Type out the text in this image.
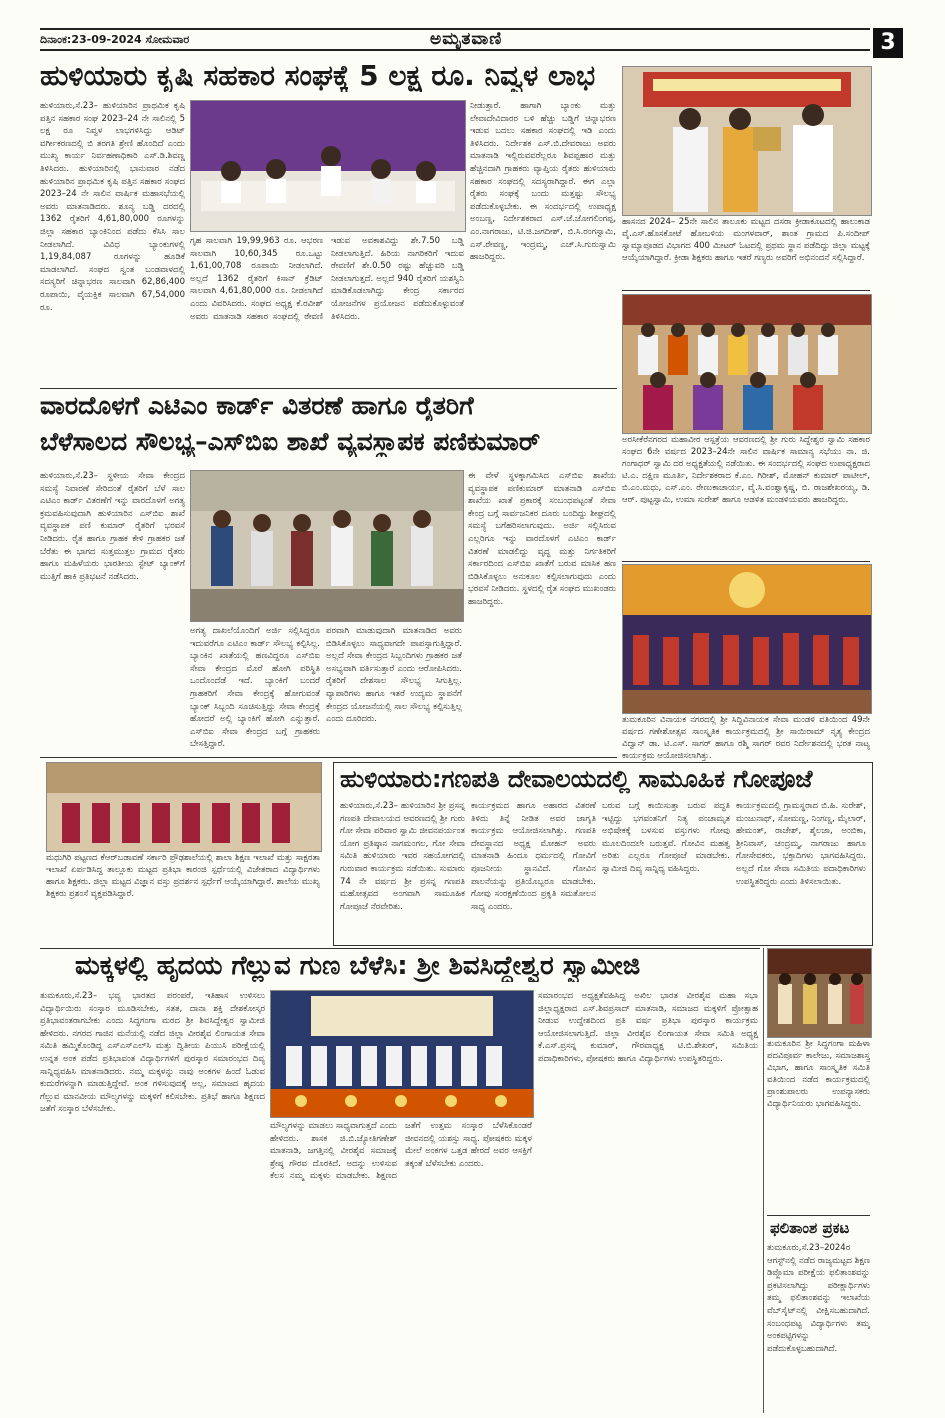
ದಿನಾಂಕ:23-09-2024 ಸೋಮವಾರ	ಅಮೃತವಾಣಿ	3
ಹುಳಿಯಾರು ಕೃಷಿ ಸಹಕಾರ ಸಂಘಕ್ಕೆ 5 ಲಕ್ಷ ರೂ. ನಿವ್ವಳ ಲಾಭ
ಹುಳಿಯಾರು,ಸೆ.23– ಹುಳಿಯಾರಿನ ಪ್ರಾಥಮಿಕ ಕೃಷಿ ಪತ್ತಿನ ಸಹಕಾರ ಸಂಘ 2023–24 ನೇ ಸಾಲಿನಲ್ಲಿ 5 ಲಕ್ಷ ರೂ ನಿವ್ವಳ ಲಾಭಗಳಿಸಿದ್ದು ಆಡಿಟ್ ವರ್ಗೀಕರಣದಲ್ಲಿ ಬಿ ತರಗತಿ ಶ್ರೇಣಿ ಹೊಂದಿದೆ ಎಂದು ಮುಖ್ಯ ಕಾರ್ಯ ನಿರ್ವಹಣಾಧಿಕಾರಿ ಎಸ್.ಡಿ.ಶಿವಣ್ಣ ತಿಳಿಸಿದರು. ಹುಳಿಯಾರಿನಲ್ಲಿ ಭಾನುವಾರ ನಡೆದ ಹುಳಿಯಾರಿನ ಪ್ರಾಥಮಿಕ ಕೃಷಿ ಪತ್ತಿನ ಸಹಕಾರ ಸಂಘದ 2023–24 ನೇ ಸಾಲಿನ ವಾರ್ಷಿಕ ಮಹಾಸಭೆಯಲ್ಲಿ ಅವರು ಮಾತನಾಡಿದರು. ಶೂನ್ಯ ಬಡ್ಡಿ ದರದಲ್ಲಿ 1362 ರೈತರಿಗೆ 4,61,80,000 ರೂಗಳನ್ನು ಜಿಲ್ಲಾ ಸಹಕಾರ ಬ್ಯಾಂಕಿನಿಂದ ಪಡೆದು ಕೆಸಿಸಿ ಸಾಲ ನೀಡಲಾಗಿದೆ. ವಿವಿಧ ಬ್ಯಾಂಕುಗಳಲ್ಲಿ 1,19,84,087 ರೂಗಳನ್ನು ಹೂಡಿಕೆ ಮಾಡಲಾಗಿದೆ. ಸಂಘದ ಸ್ವಂತ ಬಂಡವಾಳದಲ್ಲಿ ಸದಸ್ಯರಿಗೆ ಚಿನ್ನಾಭರಣ ಸಾಲವಾಗಿ 62,86,400 ರೂಪಾಯಿ, ವೈಯಕ್ತಿಕ ಸಾಲವಾಗಿ 67,54,000 ರೂ.
ಗೃಹ ಸಾಲವಾಗಿ 19,99,963 ರೂ. ಆಭರಣ ಸಾಲವಾಗಿ 10,60,345 ರೂ.ಒಟ್ಟು 1,61,00,708 ರೂಪಾಯಿ ನೀಡಲಾಗಿದೆ. ಅಲ್ಲದೆ 1362 ರೈತರಿಗೆ ಕಿಸಾನ್ ಕ್ರೆಡಿಟ್ ಸಾಲವಾಗಿ 4,61,80,000 ರೂ. ನೀಡಲಾಗಿದೆ ಎಂದು ವಿವರಿಸಿದರು. ಸಂಘದ ಅಧ್ಯಕ್ಷ ಕೆ.ರವೀಶ್ ಅವರು ಮಾತನಾಡಿ ಸಹಕಾರ ಸಂಘದಲ್ಲಿ ಠೇವಣಿ ಇಡುವ ಅವಕಾಶವಿದ್ದು ಶೇ.7.50 ಬಡ್ಡಿ ನೀಡಲಾಗುತ್ತಿದೆ. ಹಿರಿಯ ನಾಗರಿಕರಿಗೆ ಇದುವ ಠೇವಣಿಗೆ ಶೇ.0.50 ರಷ್ಟು ಹೆಚ್ಚುವರಿ ಬಡ್ಡಿ ನೀಡಲಾಗುತ್ತದೆ. ಅಲ್ಲದೆ 940 ರೈತರಿಗೆ ಯಶಸ್ವಿನಿ ಮಾಡಿಕೊಡಲಾಗಿದ್ದು ಕೇಂದ್ರ ಸರ್ಕಾರದ ಯೋಜನೆಗಳ ಪ್ರಯೋಜನ ಪಡೆದುಕೊಳ್ಳುವಂತೆ ತಿಳಿಸಿದರು.
ನೀಡುತ್ತಾರೆ. ಹಾಗಾಗಿ ಬ್ಯಾಂಕು ಮತ್ತು ಲೇವಾದೇವಿದಾರರ ಬಳಿ ಹೆಚ್ಚು ಬಡ್ಡಿಗೆ ಚಿನ್ನಾಭರಣ ಇಡುವ ಬದಲು ಸಹಕಾರ ಸಂಘದಲ್ಲಿ ಇಡಿ ಎಂದು ತಿಳಿಸಿದರು. ನಿರ್ದೇಶಕ ಎಸ್.ಬಿ.ದೇವರಾಜು ಅವರು ಮಾತನಾಡಿ ಇಲ್ಲಿರುವವರೆಲ್ಲರೂ ಶಿವಪ್ಪಹಾರ ಮತ್ತು ಹೆಚ್ಚಿನದಾಗಿ ಗ್ರಾಹಕರು ವ್ಯಾಪ್ತಿಯ ರೈತರು ಹುಳಿಯಾರು ಸಹಕಾರ ಸಂಘದಲ್ಲಿ ಸದಸ್ಯರಾಗಿದ್ದಾರೆ. ಈಗ ಎಲ್ಲಾ ರೈತರು ಸಂಘಕ್ಕೆ ಬಂದು ಮತ್ತಷ್ಟು ಸೌಲಭ್ಯ ಪಡೆದುಕೊಳ್ಳಬೇಕು. ಈ ಸಂದರ್ಭದಲ್ಲಿ ಉಪಾಧ್ಯಕ್ಷ ಅಂಬಣ್ಣ, ನಿರ್ದೇಶಕರಾದ ಎಸ್.ಜೆ.ಜೋಗಲಿಂಗಪ್ಪ, ಎಂ.ನಾಗರಾಜು, ಟಿ.ಜಿ.ಜಗದೀಶ್, ಬಿ.ಸಿ.ರಂಗಸ್ವಾಮಿ, ಎಸ್.ರೇವಣ್ಣ, ಇಂದ್ರಮ್ಮ, ಎಚ್.ಸಿ.ಗುರುಸ್ವಾಮಿ ಹಾಜರಿದ್ದರು.
ವಾರದೊಳಗೆ ಎಟಿಎಂ ಕಾರ್ಡ್ ವಿತರಣೆ ಹಾಗೂ ರೈತರಿಗೆ
ಬೆಳೆಸಾಲದ ಸೌಲಭ್ಯ–ಎಸ್‌ಬಿಐ ಶಾಖೆ ವ್ಯವಸ್ಥಾಪಕ ಪಣಿಕುಮಾರ್
ಹುಳಿಯಾರು,ಸೆ.23– ಸ್ಥಳೀಯ ಸೇವಾ ಕೇಂದ್ರದ ಸಮಸ್ಯೆ ನಿವಾರಣೆ ಸೇರಿದಂತೆ ರೈತರಿಗೆ ಬೆಳೆ ಸಾಲ ಎಟಿಎಂ ಕಾರ್ಡ್ ವಿತರಣೆಗೆ ಇನ್ನು ವಾರದೊಳಗೆ ಅಗತ್ಯ ಕ್ರಮವಹಿಸುವುದಾಗಿ ಹುಳಿಯಾರಿನ ಎಸ್‌ಬಿಐ ಶಾಖೆ ವ್ಯವಸ್ಥಾಪಕ ಪಣಿ ಕುಮಾರ್ ರೈತರಿಗೆ ಭರವಸೆ ನೀಡಿದರು. ರೈತ ಹಾಗೂ ಗ್ರಾಹಕ ಕೇಳಿ ಗ್ರಾಹಕರ ಜತೆ ಬೆರೆತು ಈ ಭಾಗದ ಸುತ್ತಮುತ್ತಲ ಗ್ರಾಮದ ರೈತರು ಹಾಗೂ ಮಹಿಳೆಯರು ಭಾರತೀಯ ಸ್ಟೇಟ್ ಬ್ಯಾಂಕ್‌ಗೆ ಮುತ್ತಿಗೆ ಹಾಕಿ ಪ್ರತಿಭಟನೆ ನಡೆಸಿದರು.
ಅಗತ್ಯ ದಾಖಲೆಯೊಂದಿಗೆ ಅರ್ಜಿ ಸಲ್ಲಿಸಿದ್ದರೂ ಇದುವರೆಗೂ ಎಟಿಎಂ ಕಾರ್ಡ್ ಸೌಲಭ್ಯ ಕಲ್ಪಿಸಿಲ್ಲ. ಬ್ಯಾಂಕಿನ ಖಾತೆಯಲ್ಲಿ ಹಣವಿದ್ದರೂ ಎಸ್‌ಬಿಐ ಸೇವಾ ಕೇಂದ್ರದ ಮೊರೆ ಹೋಗಿ ಪರಿಸ್ಥಿತಿ ಒಂದೊಂದೆಡೆ ಇದೆ. ಬ್ಯಾಂಕಿಗೆ ಬಂದರೆ ಗ್ರಾಹಕರಿಗೆ ಸೇವಾ ಕೇಂದ್ರಕ್ಕೆ ಹೋಗುವಂತೆ ಬ್ಯಾಂಕ್ ಸಿಬ್ಬಂದಿ ಸೂಚಿಸುತ್ತಿದ್ದು ಸೇವಾ ಕೇಂದ್ರಕ್ಕೆ ಹೋದರೆ ಅಲ್ಲಿ ಬ್ಯಾಂಕಿಗೆ ಹೋಗಿ ಎನ್ನುತ್ತಾರೆ. ಎಸ್‌ಬಿಐ ಸೇವಾ ಕೇಂದ್ರದ ಬಗ್ಗೆ ಗ್ರಾಹಕರು ಬೇಸತ್ತಿದ್ದಾರೆ.
ಪರವಾಗಿ ಮಾಡುವುದಾಗಿ ಮಾತನಾಡಿದ ಅವರು ಬಿಡಿಸಿಕೊಳ್ಳಲು ಸಾಧ್ಯವಾಗದೇ ಪಾಪಸ್ಸಾಗುತ್ತಿದ್ದಾರೆ. ಅಲ್ಲದೆ ಸೇವಾ ಕೇಂದ್ರದ ಸಿಬ್ಬಂದಿಗಳು ಗ್ರಾಹಕರ ಜತೆ ಅಸಭ್ಯವಾಗಿ ವರ್ತಿಸುತ್ತಾರೆ ಎಂದು ಆರೋಪಿಸಿದರು. ರೈತರಿಗೆ ದೇಶಸಾಲ ಸೌಲಭ್ಯ ಸಿಗುತ್ತಿಲ್ಲ. ವ್ಯಾಪಾರಿಗಳು ಹಾಗೂ ಇತರೆ ಉದ್ಯಮ ಸ್ಥಾಪನೆಗೆ ಕೇಂದ್ರದ ಯೋಜನೆಯಲ್ಲಿ ಸಾಲ ಸೌಲಭ್ಯ ಕಲ್ಪಿಸುತ್ತಿಲ್ಲ ಎಂದು ದೂರಿದರು.
ಈ ವೇಳೆ ಸ್ಥಳಕ್ಕಾಗಮಿಸಿದ ಎಸ್‌ಬಿಐ ಶಾಖೆಯ ವ್ಯವಸ್ಥಾಪಕ ಪಣಿಕುಮಾರ್ ಮಾತನಾಡಿ ಎಸ್‌ಬಿಐ ಶಾಖೆಯ ಖಾತೆ ಪ್ರಕಾರಕ್ಕೆ ಸಂಬಂಧಪಟ್ಟಂತೆ ಸೇವಾ ಕೇಂದ್ರ ಬಗ್ಗೆ ಸಾರ್ವಜನಿಕರ ದೂರು ಬಂದಿದ್ದು ಶೀಘ್ರದಲ್ಲಿ ಸಮಸ್ಯೆ ಬಗೆಹರಿಸಲಾಗುವುದು. ಅರ್ಜಿ ಸಲ್ಲಿಸಿರುವ ಎಲ್ಲರಿಗೂ ಇನ್ನು ವಾರದೊಳಗೆ ಎಟಿಎಂ ಕಾರ್ಡ್ ವಿತರಣೆ ಮಾಡಲಿದ್ದು ವೃದ್ಧ ಮತ್ತು ನಿರ್ಗತಿಕರಿಗೆ ಸರ್ಕಾರದಿಂದ ಎಸ್‌ಬಿಐ ಖಾತೆಗೆ ಬರುವ ಮಾಸಿಕ ಹಣ ಬಿಡಿಸಿಕೊಳ್ಳಲು ಅನುಕೂಲ ಕಲ್ಪಿಸಲಾಗುವುದು ಎಂದು ಭರವಸೆ ನೀಡಿದರು. ಸ್ಥಳದಲ್ಲಿ ರೈತ ಸಂಘದ ಮುಖಂಡರು ಹಾಜರಿದ್ದರು.
ಹಾಸನದ 2024– 25ನೇ ಸಾಲಿನ ತಾಲೂಕು ಮಟ್ಟದ ದಸರಾ ಕ್ರೀಡಾಕೂಟದಲ್ಲಿ ಹಾಲುಕಾಡ ವೈ.ಎಸ್.ಹೊಸಕೋಟೆ ಹೋಬಳಿಯ ಮಂಗಳವಾರ್, ಶಾಂತ ಗ್ರಾಮದ ಪಿ.ಸಂದೀಪ್ ಸ್ವಾಮ್ಯಾಪೂಡದ ವಿಭಾಗದ 400 ಮೀಟರ್ ಓಟದಲ್ಲಿ ಪ್ರಥಮ ಸ್ಥಾನ ಪಡೆದಿದ್ದು ಜಿಲ್ಲಾ ಮಟ್ಟಕ್ಕೆ ಆಯ್ಕೆಯಾಗಿದ್ದಾರೆ. ಕ್ರೀಡಾ ಶಿಕ್ಷಕರು ಹಾಗೂ ಇತರೆ ಗಣ್ಯರು ಅವರಿಗೆ ಅಭಿನಂದನೆ ಸಲ್ಲಿಸಿದ್ದಾರೆ.
ಅರಸೀಕೆರೆನಗರದ ಮಹಾವೀರ ಆಸ್ಪತ್ರೆಯ ಆವರಣದಲ್ಲಿ ಶ್ರೀ ಗುರು ಸಿದ್ದೇಶ್ವರ ಸ್ವಾಮಿ ಸಹಕಾರ ಸಂಘದ 6ನೇ ವರ್ಷದ 2023–24ನೇ ಸಾಲಿನ ವಾರ್ಷಿಕ ಸಾಮಾನ್ಯ ಸಭೆಯು ನಾ. ಜಿ. ಗಂಗಾಧರ್ ಸ್ವಾಮಿ ದರ ಅಧ್ಯಕ್ಷತೆಯಲ್ಲಿ ನಡೆಯಿತು. ಈ ಸಂದರ್ಭದಲ್ಲಿ ಸಂಘದ ಉಪಾಧ್ಯಕ್ಷರಾದ ಟಿ.ಎ. ದಕ್ಷಿಣ ಮೂರ್ತಿ, ನಿರ್ದೇಶಕರಾದ ಕೆ.ಎಂ. ಗಿರೀಶ್, ಮೋಹನ್ ಕುಮಾರ್ ಪಾಟೀಲ್, ಬಿ.ಎಂ.ಮಧು, ಎಸ್.ಎಂ. ರೇಣುಕಾಚಾರ್ಯ, ವೈ.ಸಿ.ವಂಶ್ವಾಕೃಷ್ಣ, ಬಿ. ರಾಜಶೇಖರಯ್ಯ, ಡಿ. ಆರ್. ಪುಟ್ಟಸ್ವಾಮಿ, ಉಮಾ ಸುರೇಶ್ ಹಾಗೂ ಆಡಳಿತ ಮಂಡಳಿಯವರು ಹಾಜರಿದ್ದರು.
ತುಮಕೂರಿನ ವಿನಾಯಕ ನಗರದಲ್ಲಿ ಶ್ರೀ ಸಿದ್ದಿವಿನಾಯಕ ಸೇವಾ ಮಂಡಳಿ ವತಿಯಿಂದ 49ನೇ ವರ್ಷದ ಗಣೇಶೋತ್ಸವ ಸಾಂಸ್ಕೃತಿಕ ಕಾರ್ಯಕ್ರಮದಲ್ಲಿ ಶ್ರೀ ಸಾಯಿರಾಮ್ ನೃತ್ಯ ಕೇಂದ್ರದ ವಿದ್ವಾನ್ ಡಾ. ಟಿ.ಎಸ್. ಸಾಗರ್ ಹಾಗೂ ರಶ್ಮಿ ಸಾಗರ್ ರವರ ನಿರ್ದೇಶನದಲ್ಲಿ ಭರತ ನಾಟ್ಯ ಕಾರ್ಯಕ್ರಮ ಆಯೋಜಿಸಲಾಗಿತ್ತು.
ಮಧುಗಿರಿ ಪಟ್ಟಣದ ಕೆಆರ್‌ಬಡಾವಣೆ ಸರ್ಕಾರಿ ಪ್ರೌಢಶಾಲೆಯಲ್ಲಿ ಶಾಲಾ ಶಿಕ್ಷಣ ಇಲಾಖೆ ಮತ್ತು ಸಾಕ್ಷರತಾ ಇಲಾಖೆ ಏರ್ಪಡಿಸಿದ್ದ ತಾಲ್ಲೂಕು ಮಟ್ಟದ ಪ್ರತಿಭಾ ಕಾರಂಜಿ ಸ್ಪರ್ಧೆಯಲ್ಲಿ ವಿಜೇತರಾದ ವಿದ್ಯಾರ್ಥಿಗಳು ಹಾಗೂ ಶಿಕ್ಷಕರು. ಜಿಲ್ಲಾ ಮಟ್ಟದ ವಿಜ್ಞಾನ ವಸ್ತು ಪ್ರದರ್ಶನ ಸ್ಪರ್ಧೆಗೆ ಆಯ್ಕೆಯಾಗಿದ್ದಾರೆ. ಶಾಲೆಯ ಮುಖ್ಯ ಶಿಕ್ಷಕರು ಪ್ರಶಂಸೆ ವ್ಯಕ್ತಪಡಿಸಿದ್ದಾರೆ.
ಹುಳಿಯಾರು:ಗಣಪತಿ ದೇವಾಲಯದಲ್ಲಿ ಸಾಮೂಹಿಕ ಗೋಪೂಜೆ
ಹುಳಿಯಾರು,ಸೆ.23– ಹುಳಿಯಾರಿನ ಶ್ರೀ ಪ್ರಸನ್ನ ಗಣಪತಿ ದೇವಾಲಯದ ಆವರಣದಲ್ಲಿ ಶ್ರೀ ಗುರು ಗೋ ಸೇವಾ ಪರಿವಾರ ಸ್ವಾಮಿ ಜೀವನಪರ್ಯಂತ ಯೋಗ ಪ್ರತಿಷ್ಠಾನ ನಾಗಮಂಗಲ, ಗೋ ಸೇವಾ ಸಮಿತಿ ಹುಳಿಯಾರು ಇವರ ಸಹಯೋಗದಲ್ಲಿ ಗುರುವಾರ ಕಾರ್ಯಕ್ರಮ ನಡೆಯಿತು. ಸುಮಾರು 74 ನೇ ವರ್ಷದ ಶ್ರೀ ಪ್ರಸನ್ನ ಗಣಪತಿ ಮಹೋತ್ಸವದ ಅಂಗವಾಗಿ ಸಾಮೂಹಿಕ ಗೋಪೂಜೆ ನೆರವೇರಿತು.
ಕಾರ್ಯಕ್ರಮದ ಹಾಗೂ ಅಹಾರದ ವಿತರಣೆ ತಿಳಿದು ತಿನ್ನೆ ನೀಡಿತ ಅವರ ಜಾಗೃತಿ ಕಾರ್ಯಕ್ರಮ ಆಯೋಜಿಸಲಾಗಿತ್ತು. ಗಣಪತಿ ದೇವಸ್ಥಾನದ ಅಧ್ಯಕ್ಷ ಮೋಹನ್ ಅವರು ಮಾತನಾಡಿ ಹಿಂದೂ ಧರ್ಮದಲ್ಲಿ ಗೋವಿಗೆ ಪೂಜನೀಯ ಸ್ಥಾನವಿದೆ. ಗೋವಿನ ಪಾಲನೆಯನ್ನು ಪ್ರತಿಯೊಬ್ಬರೂ ಮಾಡಬೇಕು. ಗೋವು ಸಂರಕ್ಷಣೆಯಿಂದ ಪ್ರಕೃತಿ ಸಮತೋಲನ ಸಾಧ್ಯ ಎಂದರು.
ಬರುವ ಬಗ್ಗೆ ಕಾಯಿಸುತ್ತಾ ಬರುವ ಪದ್ಧತಿ ಇಟ್ಟಿದ್ದು ಭಗವಂತನಿಗೆ ನಿತ್ಯ ಪಂಚಾಮೃತ ಅಭಿಷೇಕಕ್ಕೆ ಬಳಸುವ ವಸ್ತುಗಳು ಗೋವು ಮೂಲದಿಂದಲೇ ಬರುತ್ತವೆ. ಗೋವಿನ ಮಹತ್ವ ಅರಿತು ಎಲ್ಲರೂ ಗೋಪೂಜೆ ಮಾಡಬೇಕು. ಸ್ವಾಮೀಜಿ ದಿವ್ಯ ಸಾನ್ನಿಧ್ಯ ವಹಿಸಿದ್ದರು.
ಕಾರ್ಯಕ್ರಮದಲ್ಲಿ ಗ್ರಾಮಸ್ಥರಾದ ಬಿ.ಹಿ. ಸುರೇಶ್, ಮಂಜುನಾಥ್, ಸೋಮಣ್ಣ, ನಿಂಗಣ್ಣ, ಮೈಲಾರ್, ಹೇಮಂತ್, ರಾಜೇಶ್, ಶೈಲಜಾ, ಅಂಬಿಕಾ, ಶ್ರೀನಿವಾಸ್, ಚಂದ್ರಮ್ಮ, ನಾಗರಾಜು ಹಾಗೂ ಗೋಸೇವಕರು, ಭಕ್ತಾದಿಗಳು ಭಾಗವಹಿಸಿದ್ದರು. ಅಲ್ಲದೆ ಗೋ ಸೇವಾ ಸಮಿತಿಯ ಪದಾಧಿಕಾರಿಗಳು ಉಪಸ್ಥಿತರಿದ್ದರು ಎಂದು ತಿಳಿಸಲಾಯಿತು.
ಮಕ್ಕಳಲ್ಲಿ ಹೃದಯ ಗೆಲ್ಲುವ ಗುಣ ಬೆಳೆಸಿ: ಶ್ರೀ ಶಿವಸಿದ್ದೇಶ್ವರ ಸ್ವಾಮೀಜಿ
ತುಮಕೂರು,ಸೆ.23– ಭವ್ಯ ಭಾರತದ ಪರಂಪರೆ, ಇತಿಹಾಸ ಉಳಿಸಲು ವಿದ್ಯಾರ್ಥಿಯಿರು ಸಂಸ್ಕಾರ ಮೂಡಿಸಬೇಕು, ಸತತ, ದಾನಾ ಶಕ್ತಿ ದೇಶಕೋಸ್ಕರ ಪ್ರತಿಭಾವಂತರಾಗಬೇಕು ಎಂದು ಸಿದ್ಧಗಂಗಾ ಮಠದ ಶ್ರೀ ಶಿವಸಿದ್ದೇಶ್ವರ ಸ್ವಾಮೀಜಿ ಹೇಳಿದರು. ನಗರದ ಗಾಜಿನ ಮನೆಯಲ್ಲಿ ನಡೆದ ಜಿಲ್ಲಾ ವೀರಶೈವ ಲಿಂಗಾಯತ ಸೇವಾ ಸಮಿತಿ ಹಮ್ಮಿಕೊಂಡಿದ್ದ ಎಸ್‌ಎಸ್‌ಎಲ್‌ಸಿ ಮತ್ತು ದ್ವಿತೀಯ ಪಿಯುಸಿ ಪರೀಕ್ಷೆಯಲ್ಲಿ ಉನ್ನತ ಅಂಕ ಪಡೆದ ಪ್ರತಿಭಾವಂತ ವಿದ್ಯಾರ್ಥಿಗಳಿಗೆ ಪುರಸ್ಕಾರ ಸಮಾರಂಭದ ದಿವ್ಯ ಸಾನ್ನಿಧ್ಯವಹಿಸಿ ಮಾತನಾಡಿದರು. ನಮ್ಮ ಮಕ್ಕಳನ್ನು ನಾವು ಅಂಕಗಳ ಹಿಂದೆ ಓಡುವ ಕುದುರೆಗಳನ್ನಾಗಿ ಮಾಡುತ್ತಿದ್ದೇವೆ. ಅಂಕ ಗಳಿಸುವುದಕ್ಕೆ ಅಲ್ಲ, ಸಮಾಜದ ಹೃದಯ ಗೆಲ್ಲುವ ಮಾನವೀಯ ಮೌಲ್ಯಗಳನ್ನು ಮಕ್ಕಳಿಗೆ ಕಲಿಸಬೇಕು. ಪ್ರತಿಭೆ ಹಾಗೂ ಶಿಕ್ಷಣದ ಜತೆಗೆ ಸಂಸ್ಕಾರ ಬೆಳೆಸಬೇಕು.
ಮೌಲ್ಯಗಳನ್ನು ಮಾಡಲು ಸಾಧ್ಯವಾಗುತ್ತದೆ ಎಂದು ಹೇಳಿದರು. ಶಾಸಕ ಜಿ.ಬಿ.ಜ್ಯೋತಿಗಣೇಶ್ ಮಾತನಾಡಿ, ಜಗತ್ತಿನಲ್ಲಿ ವೀರಶೈವ ಸಮಾಜಕ್ಕೆ ಶ್ರೇಷ್ಠ ಗೌರವ ದೊರಕಿದೆ. ಅದನ್ನು ಉಳಿಸುವ ಕೆಲಸ ನಮ್ಮ ಮಕ್ಕಳು ಮಾಡಬೇಕು. ಶಿಕ್ಷಣದ ಜತೆಗೆ ಉತ್ತಮ ಸಂಸ್ಕಾರ ಬೆಳೆಸಿಕೊಂಡರೆ ಜೀವನದಲ್ಲಿ ಯಶಸ್ಸು ಸಾಧ್ಯ. ಪೋಷಕರು ಮಕ್ಕಳ ಮೇಲೆ ಅಂಕಗಳ ಒತ್ತಡ ಹೇರದೆ ಅವರ ಆಸಕ್ತಿಗೆ ತಕ್ಕಂತೆ ಬೆಳೆಸಬೇಕು ಎಂದರು.
ಸಮಾರಂಭದ ಅಧ್ಯಕ್ಷತೆವಹಿಸಿದ್ದ ಅಖಿಲ ಭಾರತ ವೀರಶೈವ ಮಹಾ ಸಭಾ ಜಿಲ್ಲಾಧ್ಯಕ್ಷರಾದ ಎಸ್.ಶಿವಪ್ರಸಾದ್ ಮಾತನಾಡಿ, ಸಮಾಜದ ಮಕ್ಕಳಿಗೆ ಪ್ರೋತ್ಸಾಹ ನೀಡುವ ಉದ್ದೇಶದಿಂದ ಪ್ರತಿ ವರ್ಷ ಪ್ರತಿಭಾ ಪುರಸ್ಕಾರ ಕಾರ್ಯಕ್ರಮ ಆಯೋಜಿಸಲಾಗುತ್ತಿದೆ. ಜಿಲ್ಲಾ ವೀರಶೈವ ಲಿಂಗಾಯತ ಸೇವಾ ಸಮಿತಿ ಅಧ್ಯಕ್ಷ ಕೆ.ಎಸ್.ಪ್ರಸನ್ನ ಕುಮಾರ್, ಗೌರವಾಧ್ಯಕ್ಷ ಟಿ.ಬಿ.ಶೇಖರ್, ಸಮಿತಿಯ ಪದಾಧಿಕಾರಿಗಳು, ಪೋಷಕರು ಹಾಗೂ ವಿದ್ಯಾರ್ಥಿಗಳು ಉಪಸ್ಥಿತರಿದ್ದರು.
ತುಮಕೂರಿನ ಶ್ರೀ ಸಿದ್ಧಗಂಗಾ ಮಹಿಳಾ ಪದವಿಪೂರ್ವ ಕಾಲೇಜು, ಸಮಾಜಶಾಸ್ತ್ರ ವಿಭಾಗ, ಹಾಗೂ ಸಾಂಸ್ಕೃತಿಕ ಸಮಿತಿ ವತಿಯಿಂದ ನಡೆದ ಕಾರ್ಯಕ್ರಮದಲ್ಲಿ ಪ್ರಾಂಶುಪಾಲರು ಉಪನ್ಯಾಸಕರು ವಿದ್ಯಾರ್ಥಿನಿಯರು ಭಾಗವಹಿಸಿದ್ದರು.
ಫಲಿತಾಂಶ ಪ್ರಕಟ
ತುಮಕೂರು,ಸೆ.23–2024ರ ಆಗಸ್ಟ್‌ನಲ್ಲಿ ನಡೆದ ರಾಜ್ಯಮಟ್ಟದ ಶಿಕ್ಷಣ ಡಿಪ್ಲೊಮಾ ಪರೀಕ್ಷೆಯ ಫಲಿತಾಂಶವನ್ನು ಪ್ರಕಟಿಸಲಾಗಿದ್ದು ಪರೀಕ್ಷಾರ್ಥಿಗಳು ತಮ್ಮ ಫಲಿತಾಂಶವನ್ನು ಇಲಾಖೆಯ ವೆಬ್‌ಸೈಟ್‌ನಲ್ಲಿ ವೀಕ್ಷಿಸಬಹುದಾಗಿದೆ. ಸಂಬಂಧಪಟ್ಟ ವಿದ್ಯಾರ್ಥಿಗಳು ತಮ್ಮ ಅಂಕಪಟ್ಟಿಗಳನ್ನು ಪಡೆದುಕೊಳ್ಳಬಹುದಾಗಿದೆ.
